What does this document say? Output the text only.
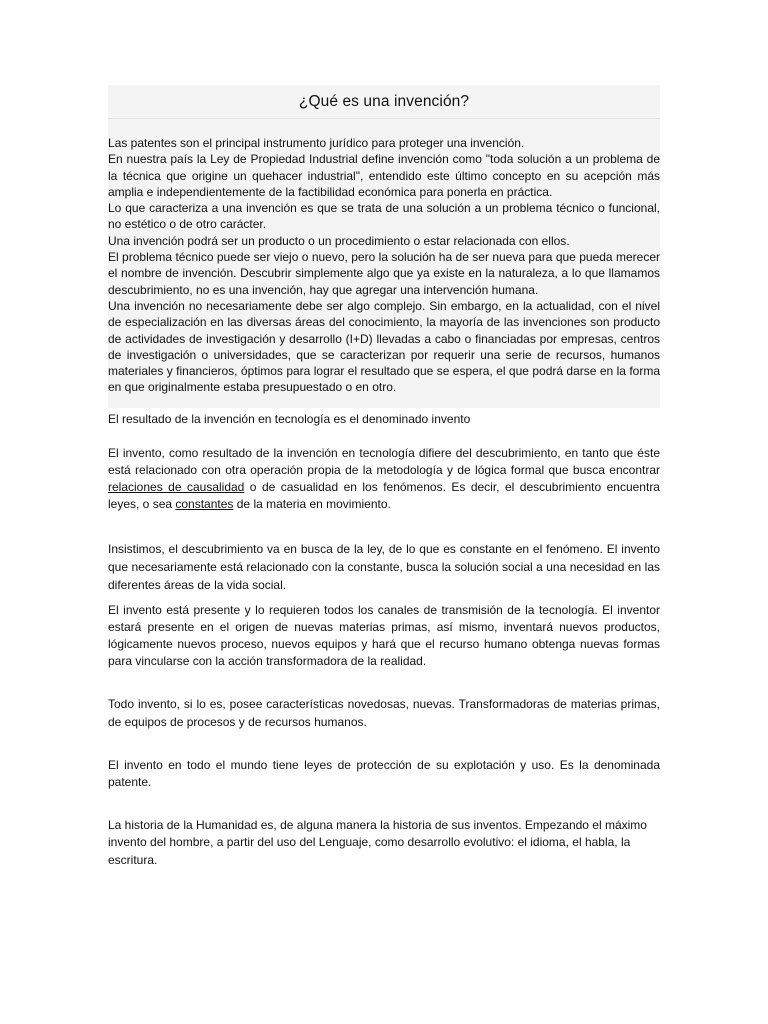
¿Qué es una invención?

Las patentes son el principal instrumento jurídico para proteger una invención.

En nuestra país la Ley de Propiedad Industrial define invención como "toda solución a un problema de la técnica que origine un quehacer industrial", entendido este último concepto en su acepción más amplia e independientemente de la factibilidad económica para ponerla en práctica.

Lo que caracteriza a una invención es que se trata de una solución a un problema técnico o funcional, no estético o de otro carácter.

Una invención podrá ser un producto o un procedimiento o estar relacionada con ellos.

El problema técnico puede ser viejo o nuevo, pero la solución ha de ser nueva para que pueda merecer el nombre de invención. Descubrir simplemente algo que ya existe en la naturaleza, a lo que llamamos descubrimiento, no es una invención, hay que agregar una intervención humana.

Una invención no necesariamente debe ser algo complejo. Sin embargo, en la actualidad, con el nivel de especialización en las diversas áreas del conocimiento, la mayoría de las invenciones son producto de actividades de investigación y desarrollo (I+D) llevadas a cabo o financiadas por empresas, centros de investigación o universidades, que se caracterizan por requerir una serie de recursos, humanos materiales y financieros, óptimos para lograr el resultado que se espera, el que podrá darse en la forma en que originalmente estaba presupuestado o en otro.

El resultado de la invención en tecnología es el denominado invento

El invento, como resultado de la invención en tecnología difiere del descubrimiento, en tanto que éste está relacionado con otra operación propia de la metodología y de lógica formal que busca encontrar relaciones de causalidad o de casualidad en los fenómenos. Es decir, el descubrimiento encuentra leyes, o sea constantes de la materia en movimiento.

Insistimos, el descubrimiento va en busca de la ley, de lo que es constante en el fenómeno. El invento que necesariamente está relacionado con la constante, busca la solución social a una necesidad en las diferentes áreas de la vida social.

El invento está presente y lo requieren todos los canales de transmisión de la tecnología. El inventor estará presente en el origen de nuevas materias primas, así mismo, inventará nuevos productos, lógicamente nuevos proceso, nuevos equipos y hará que el recurso humano obtenga nuevas formas para vincularse con la acción transformadora de la realidad.

Todo invento, si lo es, posee características novedosas, nuevas. Transformadoras de materias primas, de equipos de procesos y de recursos humanos.

El invento en todo el mundo tiene leyes de protección de su explotación y uso. Es la denominada patente.

La historia de la Humanidad es, de alguna manera la historia de sus inventos. Empezando el máximo invento del hombre, a partir del uso del Lenguaje, como desarrollo evolutivo: el idioma, el habla, la escritura.
